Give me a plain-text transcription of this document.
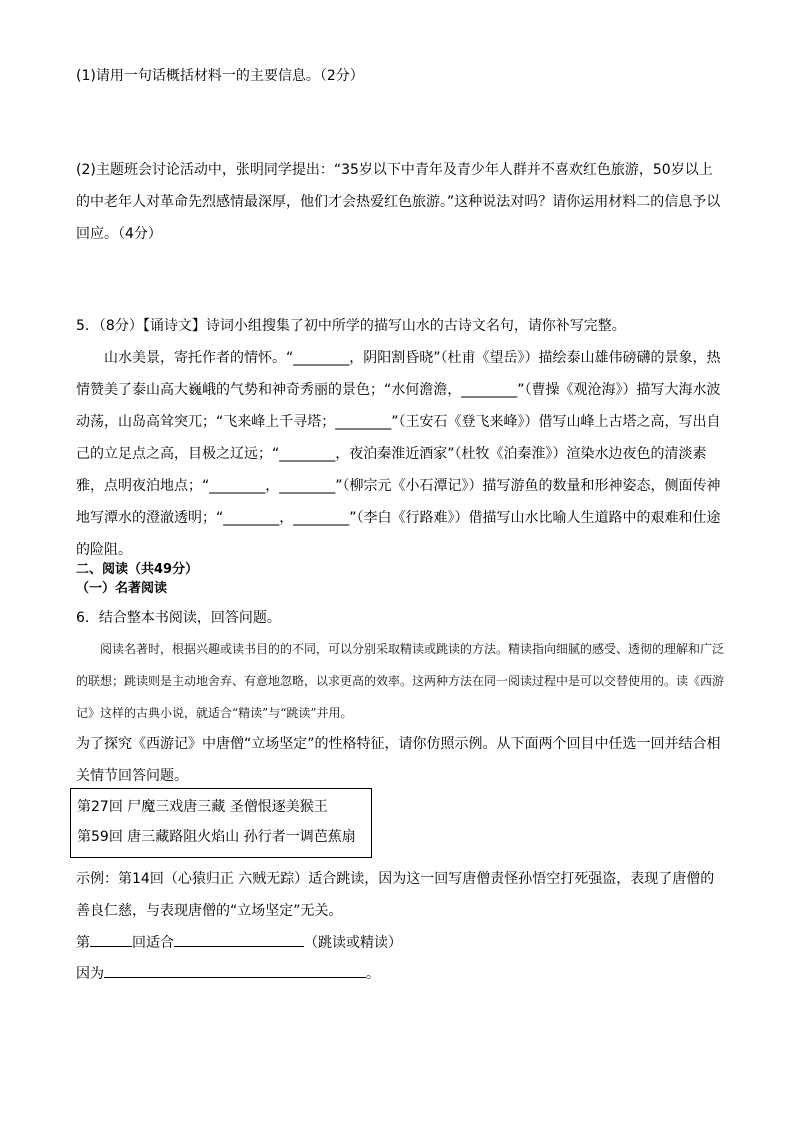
(1)请用一句话概括材料一的主要信息。（2分）
(2)主题班会讨论活动中，张明同学提出：“35岁以下中青年及青少年人群并不喜欢红色旅游，50岁以上的中老年人对革命先烈感情最深厚，他们才会热爱红色旅游。”这种说法对吗？请你运用材料二的信息予以回应。（4分）
5．（8分）【诵诗文】诗词小组搜集了初中所学的描写山水的古诗文名句，请你补写完整。
山水美景，寄托作者的情怀。“________，阴阳割昏晓”（杜甫《望岳》）描绘泰山雄伟磅礴的景象，热情赞美了泰山高大巍峨的气势和神奇秀丽的景色；“水何澹澹，________”（曹操《观沧海》）描写大海水波动荡，山岛高耸突兀；“飞来峰上千寻塔；________”（王安石《登飞来峰》）借写山峰上古塔之高，写出自己的立足点之高，目极之辽远；“________，夜泊秦淮近酒家”（杜牧《泊秦淮》）渲染水边夜色的清淡素雅，点明夜泊地点；“________，________”（柳宗元《小石潭记》）描写游鱼的数量和形神姿态，侧面传神地写潭水的澄澈透明；“________，________”（李白《行路难》）借描写山水比喻人生道路中的艰难和仕途的险阻。
二、阅读（共49分）
（一）名著阅读
6．结合整本书阅读，回答问题。
阅读名著时，根据兴趣或读书目的的不同，可以分别采取精读或跳读的方法。精读指向细腻的感受、透彻的理解和广泛的联想；跳读则是主动地舍弃、有意地忽略，以求更高的效率。这两种方法在同一阅读过程中是可以交替使用的。读《西游记》这样的古典小说，就适合“精读”与“跳读”并用。
为了探究《西游记》中唐僧“立场坚定”的性格特征，请你仿照示例。从下面两个回目中任选一回并结合相关情节回答问题。
第27回 尸魔三戏唐三藏 圣僧恨逐美猴王
第59回 唐三藏路阻火焰山 孙行者一调芭蕉扇
示例：第14回（心猿归正 六贼无踪）适合跳读，因为这一回写唐僧责怪孙悟空打死强盗，表现了唐僧的善良仁慈，与表现唐僧的“立场坚定”无关。
第	回适合	（跳读或精读）
因为	。
